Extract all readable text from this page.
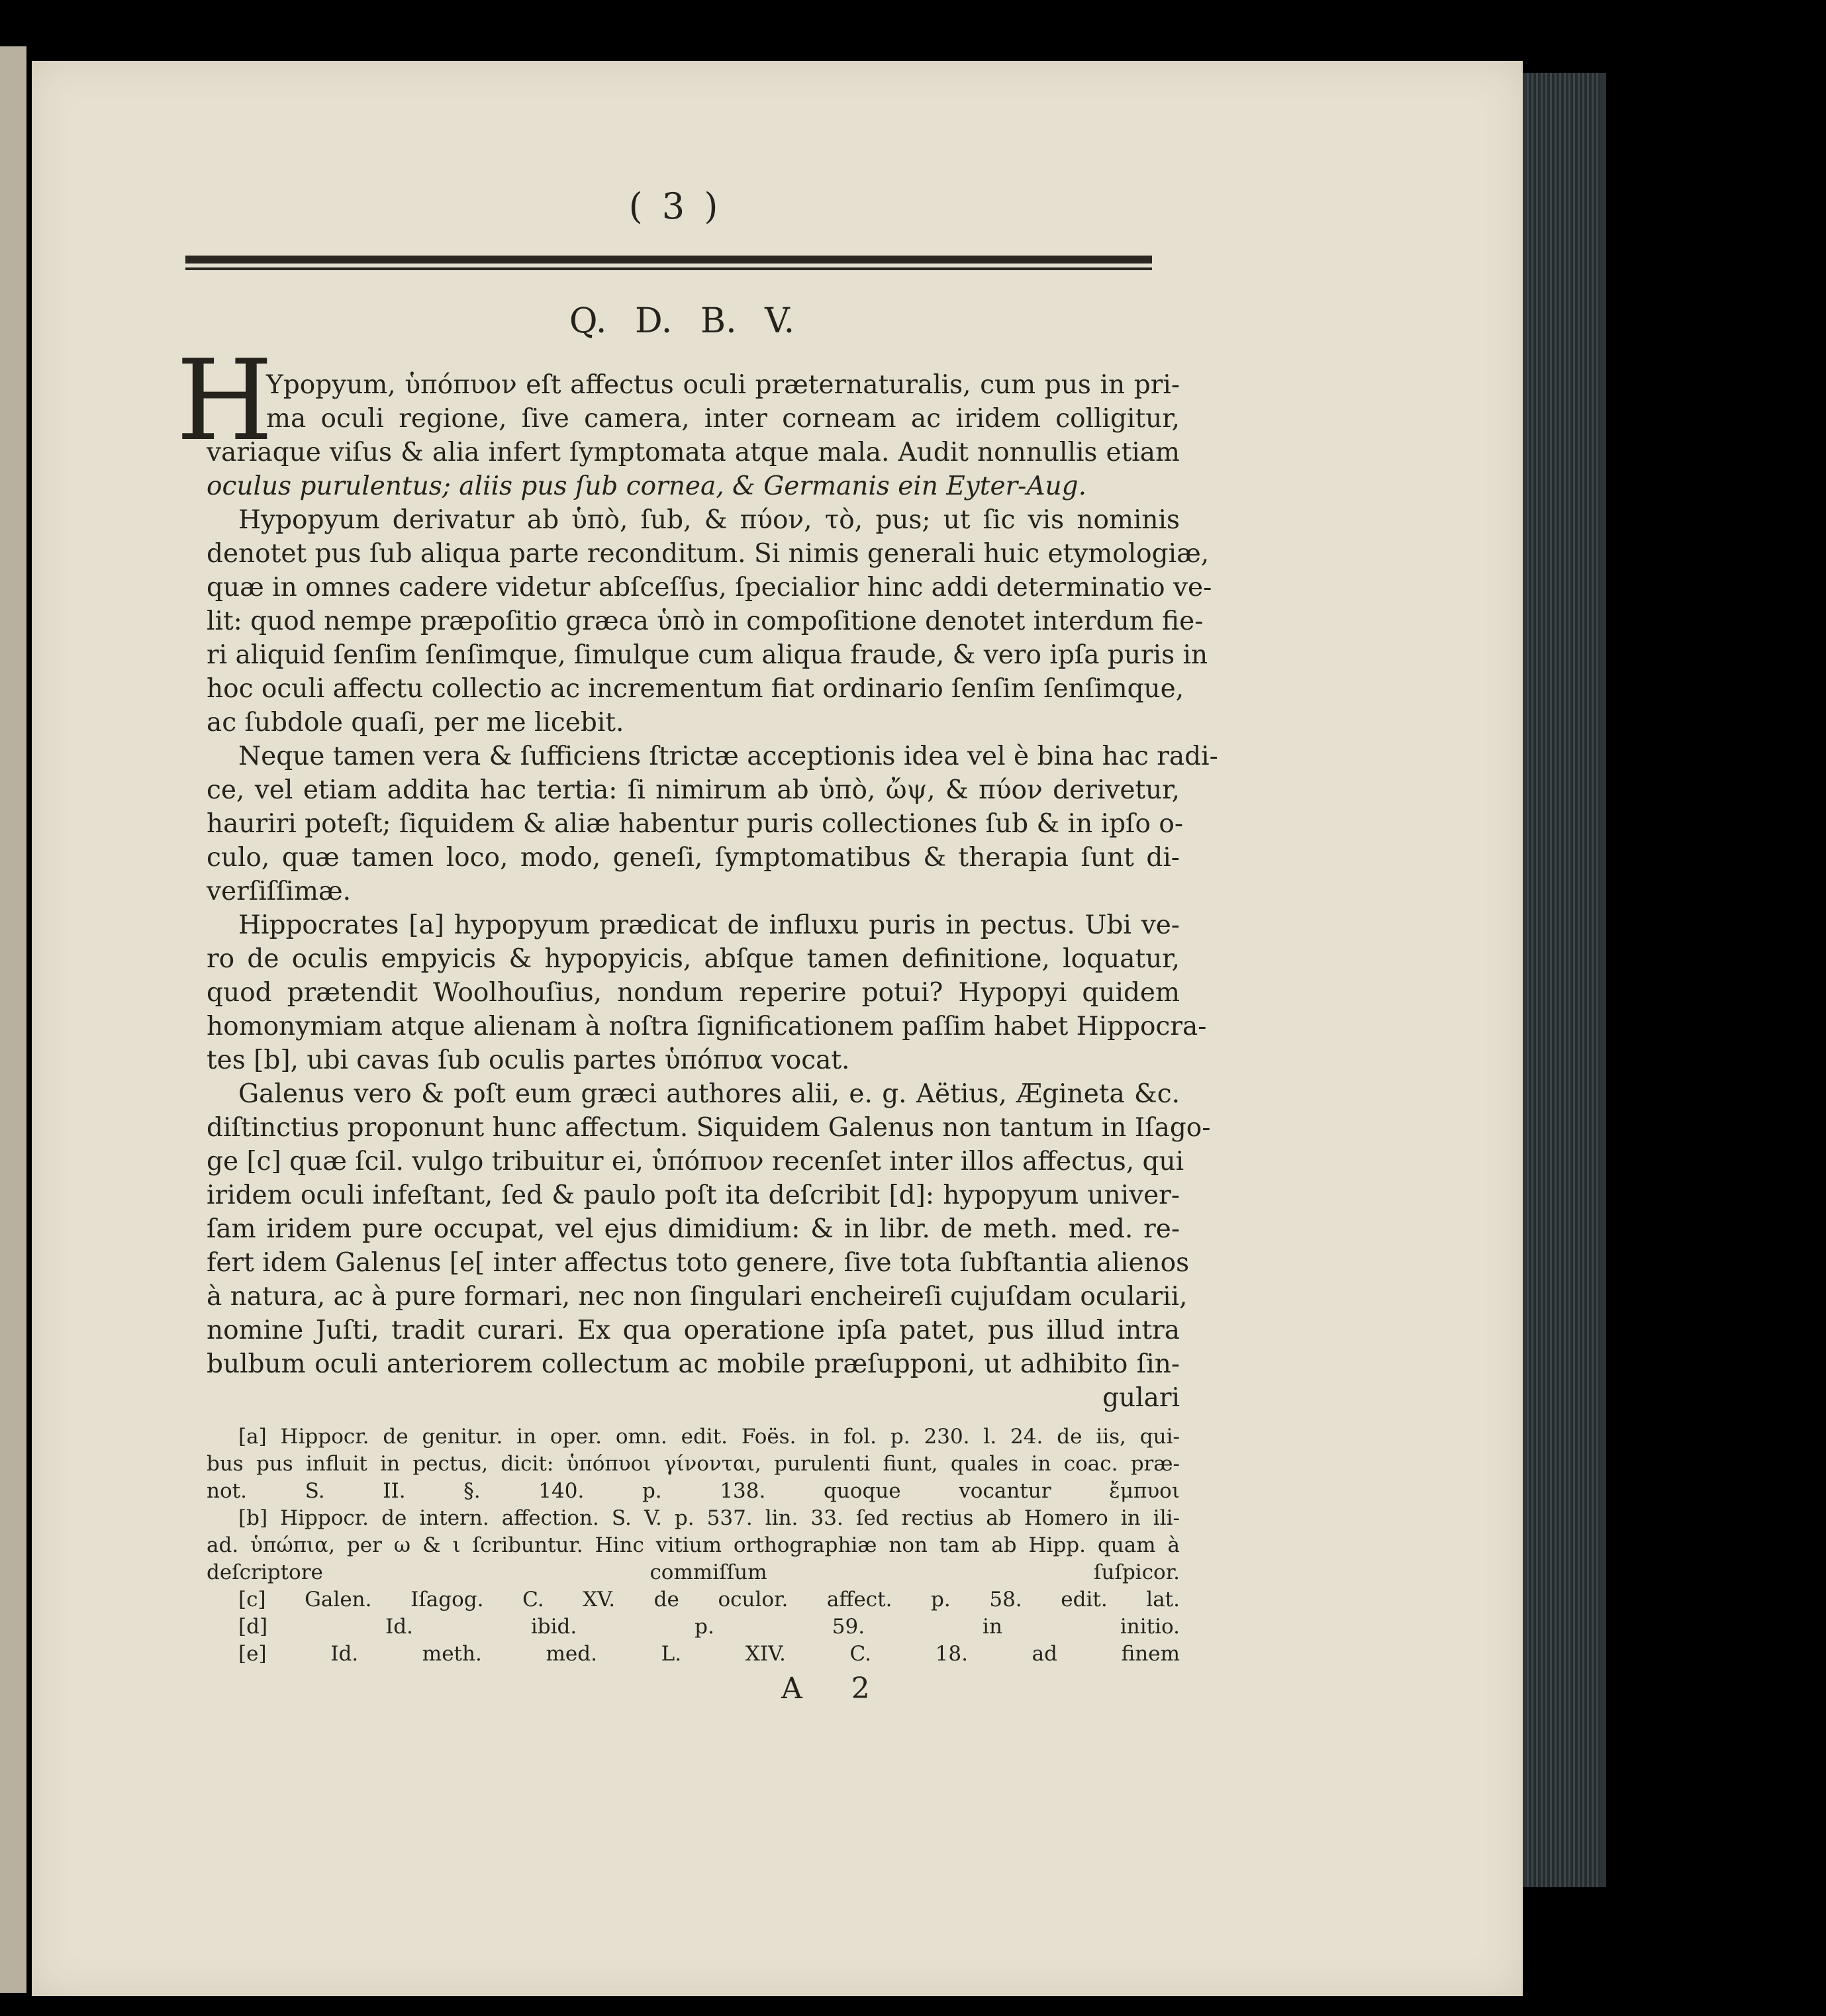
( 3 )
Q. D. B. V.
H
Ypopyum, ὑπόπυον eſt affectus oculi præternaturalis, cum pus in pri-
ma oculi regione, ſive camera, inter corneam ac iridem colligitur,
variaque viſus & alia infert ſymptomata atque mala. Audit nonnullis etiam
oculus purulentus; aliis pus ſub cornea, & Germanis ein Eyter-Aug.
Hypopyum derivatur ab ὑπὸ, ſub, & πύον, τὸ, pus; ut ſic vis nominis
denotet pus ſub aliqua parte reconditum. Si nimis generali huic etymologiæ,
quæ in omnes cadere videtur abſceſſus, ſpecialior hinc addi determinatio ve-
lit: quod nempe præpoſitio græca ὑπὸ in compoſitione denotet interdum fie-
ri aliquid ſenſim ſenſimque, ſimulque cum aliqua fraude, & vero ipſa puris in
hoc oculi affectu collectio ac incrementum fiat ordinario ſenſim ſenſimque,
ac ſubdole quaſi, per me licebit.
Neque tamen vera & ſufficiens ſtrictæ acceptionis idea vel è bina hac radi-
ce, vel etiam addita hac tertia: ſi nimirum ab ὑπὸ, ὤψ, & πύον derivetur,
hauriri poteſt; ſiquidem & aliæ habentur puris collectiones ſub & in ipſo o-
culo, quæ tamen loco, modo, geneſi, ſymptomatibus & therapia ſunt di-
verſiſſimæ.
Hippocrates [a] hypopyum prædicat de influxu puris in pectus. Ubi ve-
ro de oculis empyicis & hypopyicis, abſque tamen definitione, loquatur,
quod prætendit Woolhouſius, nondum reperire potui? Hypopyi quidem
homonymiam atque alienam à noſtra ſignificationem paſſim habet Hippocra-
tes [b], ubi cavas ſub oculis partes ὑπόπυα vocat.
Galenus vero & poſt eum græci authores alii, e. g. Aëtius, Ægineta &c.
diſtinctius proponunt hunc affectum. Siquidem Galenus non tantum in Iſago-
ge [c] quæ ſcil. vulgo tribuitur ei, ὑπόπυον recenſet inter illos affectus, qui
iridem oculi infeſtant, ſed & paulo poſt ita deſcribit [d]: hypopyum univer-
ſam iridem pure occupat, vel ejus dimidium: & in libr. de meth. med. re-
fert idem Galenus [e[ inter affectus toto genere, ſive tota ſubſtantia alienos
à natura, ac à pure formari, nec non ſingulari encheireſi cujuſdam ocularii,
nomine Juſti, tradit curari. Ex qua operatione ipſa patet, pus illud intra
bulbum oculi anteriorem collectum ac mobile præſupponi, ut adhibito ſin-
gulari
[a] Hippocr. de genitur. in oper. omn. edit. Foës. in fol. p. 230. l. 24. de iis, qui-
bus pus influit in pectus, dicit: ὑπόπυοι γίνονται, purulenti fiunt, quales in coac. præ-
not. S. II. §. 140. p. 138. quoque vocantur ἔμπυοι
[b] Hippocr. de intern. affection. S. V. p. 537. lin. 33. ſed rectius ab Homero in ili-
ad. ὑπώπια, per ω & ι ſcribuntur. Hinc vitium orthographiæ non tam ab Hipp. quam à
deſcriptore commiſſum ſuſpicor.
[c] Galen. Iſagog. C. XV. de oculor. affect. p. 58. edit. lat.
[d] Id. ibid. p. 59. in initio.
[e] Id. meth. med. L. XIV. C. 18. ad finem
A 2
